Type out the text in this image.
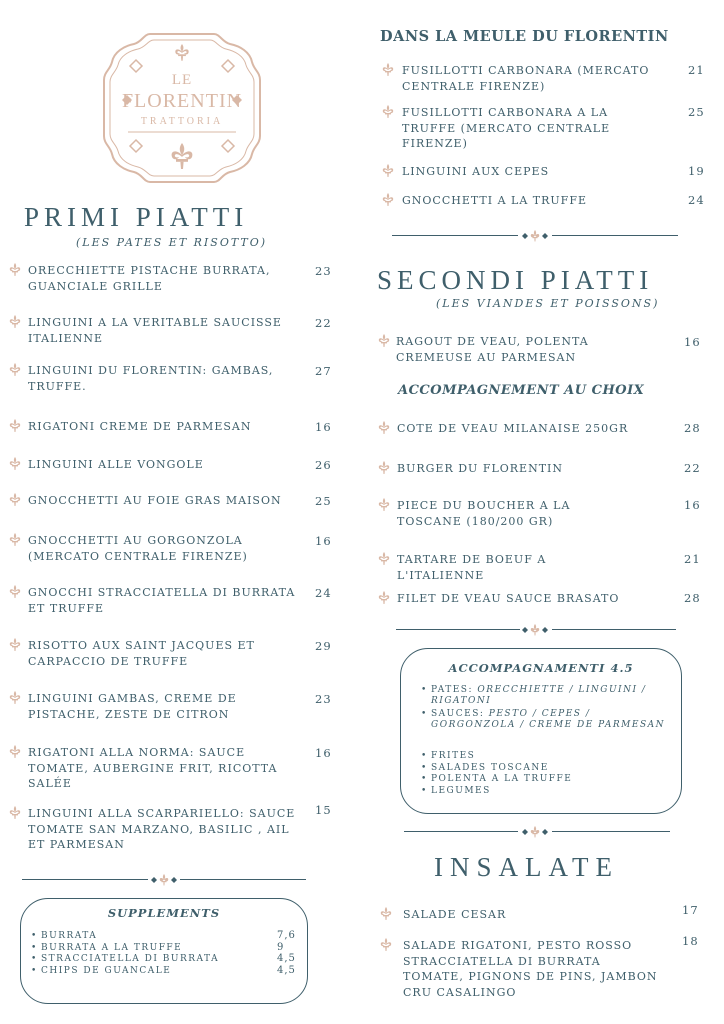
LE
FLORENTIN
TRATTORIA
PRIMI PIATTI
(LES PATES ET RISOTTO)
ORECCHIETTE PISTACHE BURRATA, GUANCIALE GRILLE
23
LINGUINI A LA VERITABLE SAUCISSE ITALIENNE
22
LINGUINI DU FLORENTIN: GAMBAS, TRUFFE.
27
RIGATONI CREME DE PARMESAN	16
LINGUINI ALLE VONGOLE	26
GNOCCHETTI AU FOIE GRAS MAISON	25
GNOCCHETTI AU GORGONZOLA (MERCATO CENTRALE FIRENZE)
16
GNOCCHI STRACCIATELLA DI BURRATA ET TRUFFE
24
RISOTTO AUX SAINT JACQUES ET CARPACCIO DE TRUFFE
29
LINGUINI GAMBAS, CREME DE PISTACHE, ZESTE DE CITRON
23
RIGATONI ALLA NORMA: SAUCE TOMATE, AUBERGINE FRIT, RICOTTA SALÉE
16
LINGUINI ALLA SCARPARIELLO: SAUCE TOMATE SAN MARZANO, BASILIC , AIL ET PARMESAN
15
SUPPLEMENTS
• BURRATA	7,6
• BURRATA A LA TRUFFE	9
• STRACCIATELLA DI BURRATA	4,5
• CHIPS DE GUANCALE	4,5
DANS LA MEULE DU FLORENTIN
FUSILLOTTI CARBONARA (MERCATO CENTRALE FIRENZE)
21
FUSILLOTTI CARBONARA A LA TRUFFE (MERCATO CENTRALE FIRENZE)
25
LINGUINI AUX CEPES	19
GNOCCHETTI A LA TRUFFE	24
SECONDI PIATTI
(LES VIANDES ET POISSONS)
RAGOUT DE VEAU, POLENTA CREMEUSE AU PARMESAN
16
ACCOMPAGNEMENT AU CHOIX
COTE DE VEAU MILANAISE 250GR	28
BURGER DU FLORENTIN	22
PIECE DU BOUCHER A LA TOSCANE (180/200 GR)
16
TARTARE DE BOEUF A L'ITALIENNE
21
FILET DE VEAU SAUCE BRASATO	28
ACCOMPAGNAMENTI 4.5
• PATES: ORECCHIETTE / LINGUINI / RIGATONI
• SAUCES: PESTO / CEPES / GORGONZOLA / CREME DE PARMESAN
• FRITES
• SALADES TOSCANE
• POLENTA A LA TRUFFE
• LEGUMES
INSALATE
SALADE CESAR	17
SALADE RIGATONI, PESTO ROSSO STRACCIATELLA DI BURRATA TOMATE, PIGNONS DE PINS, JAMBON CRU CASALINGO
18
